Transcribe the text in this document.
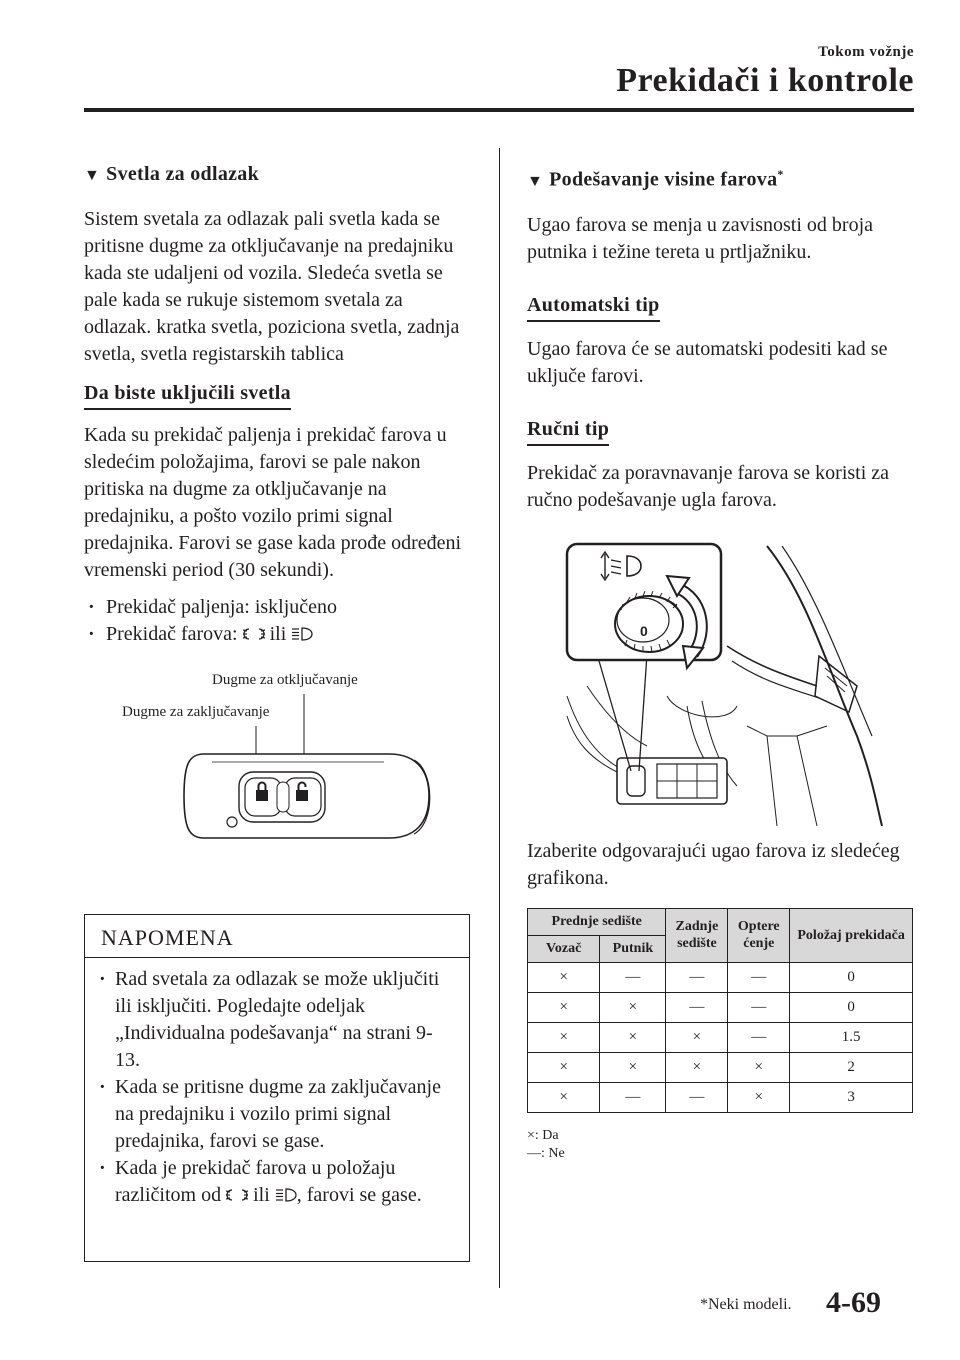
Tokom vožnje
Prekidači i kontrole
▼ Svetla za odlazak

Sistem svetala za odlazak pali svetla kada se pritisne dugme za otključavanje na predajniku kada ste udaljeni od vozila. Sledeća svetla se pale kada se rukuje sistemom svetala za odlazak. kratka svetla, poziciona svetla, zadnja svetla, svetla registarskih tablica

Da biste uključili svetla

Kada su prekidač paljenja i prekidač farova u sledećim položajima, farovi se pale nakon pritiska na dugme za otključavanje na predajniku, a pošto vozilo primi signal predajnika. Farovi se gase kada prođe određeni vremenski period (30 sekundi).

· Prekidač paljenja: isključeno
· Prekidač farova: ili
Dugme za otključavanje
Dugme za zaključavanje
NAPOMENA
· Rad svetala za odlazak se može uključiti ili isključiti. Pogledajte odeljak „Individualna podešavanja“ na strani 9-13.
· Kada se pritisne dugme za zaključavanje na predajniku i vozilo primi signal predajnika, farovi se gase.
· Kada je prekidač farova u položaju različitom od ili , farovi se gase.
▼ Podešavanje visine farova*

Ugao farova se menja u zavisnosti od broja putnika i težine tereta u prtljažniku.

Automatski tip

Ugao farova će se automatski podesiti kad se uključe farovi.

Ručni tip

Prekidač za poravnavanje farova se koristi za ručno podešavanje ugla farova.

0

Izaberite odgovarajući ugao farova iz sledećeg grafikona.

Prednje sedište		Zadnje sedište	Optere ćenje	Položaj prekidača
Vozač	Putnik			
×	—	—	—	0
×	×	—	—	0
×	×	×	—	1.5
×	×	×	×	2
×	—	—	×	3
×: Da
—: Ne
*Neki modeli. 4-69
